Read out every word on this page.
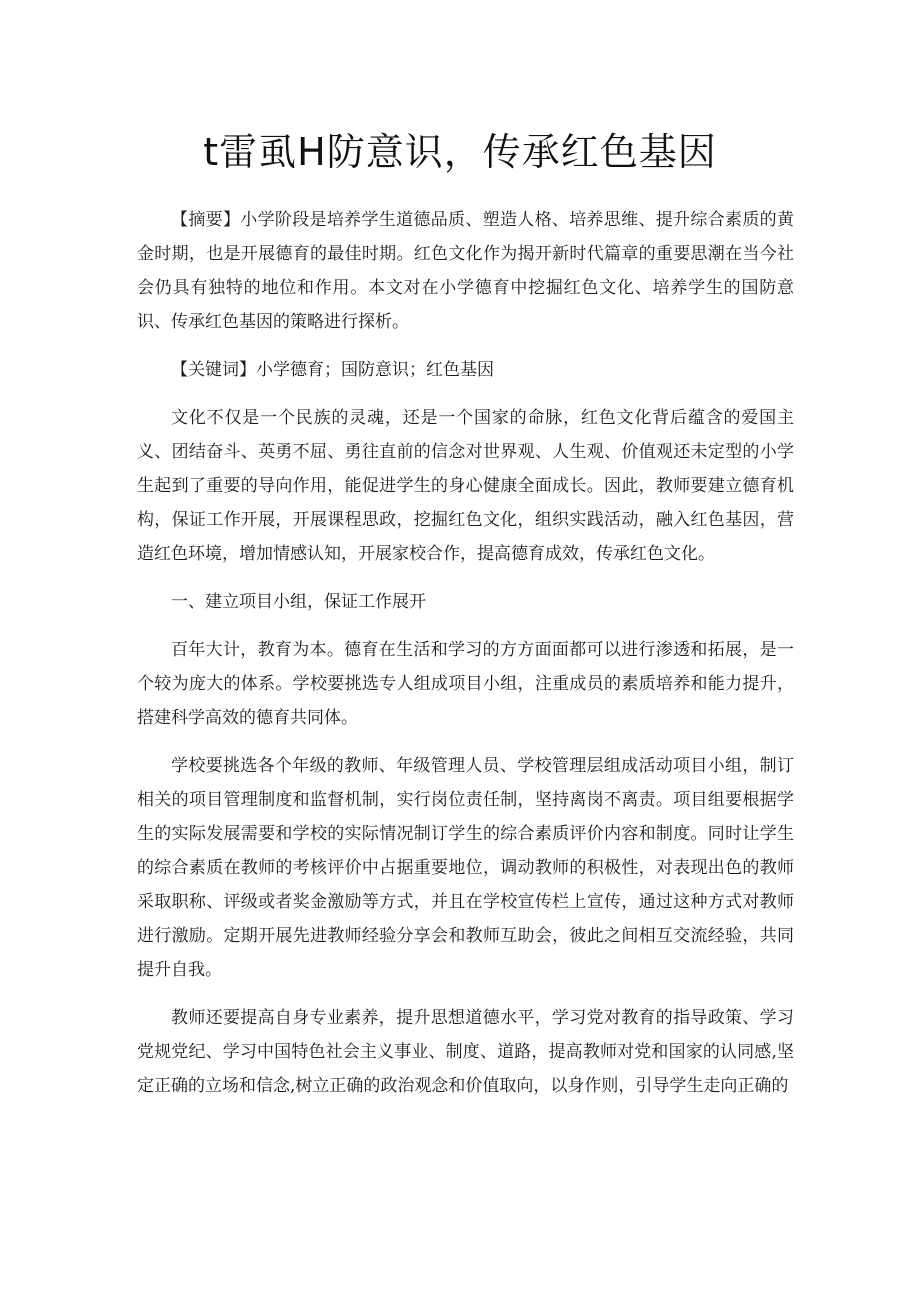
t雷虱H防意识，传承红色基因

【摘要】小学阶段是培养学生道德品质、塑造人格、培养思维、提升综合素质的黄金时期，也是开展德育的最佳时期。红色文化作为揭开新时代篇章的重要思潮在当今社会仍具有独特的地位和作用。本文对在小学德育中挖掘红色文化、培养学生的国防意识、传承红色基因的策略进行探析。

【关键词】小学德育；国防意识；红色基因

文化不仅是一个民族的灵魂，还是一个国家的命脉，红色文化背后蕴含的爱国主义、团结奋斗、英勇不屈、勇往直前的信念对世界观、人生观、价值观还未定型的小学生起到了重要的导向作用，能促进学生的身心健康全面成长。因此，教师要建立德育机构，保证工作开展，开展课程思政，挖掘红色文化，组织实践活动，融入红色基因，营造红色环境，增加情感认知，开展家校合作，提高德育成效，传承红色文化。

一、建立项目小组，保证工作展开

百年大计，教育为本。德育在生活和学习的方方面面都可以进行渗透和拓展，是一个较为庞大的体系。学校要挑选专人组成项目小组，注重成员的素质培养和能力提升，搭建科学高效的德育共同体。

学校要挑选各个年级的教师、年级管理人员、学校管理层组成活动项目小组，制订相关的项目管理制度和监督机制，实行岗位责任制，坚持离岗不离责。项目组要根据学生的实际发展需要和学校的实际情况制订学生的综合素质评价内容和制度。同时让学生的综合素质在教师的考核评价中占据重要地位，调动教师的积极性，对表现出色的教师采取职称、评级或者奖金激励等方式，并且在学校宣传栏上宣传，通过这种方式对教师进行激励。定期开展先进教师经验分享会和教师互助会，彼此之间相互交流经验，共同提升自我。

教师还要提高自身专业素养，提升思想道德水平，学习党对教育的指导政策、学习党规党纪、学习中国特色社会主义事业、制度、道路，提高教师对党和国家的认同感,坚定正确的立场和信念,树立正确的政治观念和价值取向，以身作则，引导学生走向正确的
